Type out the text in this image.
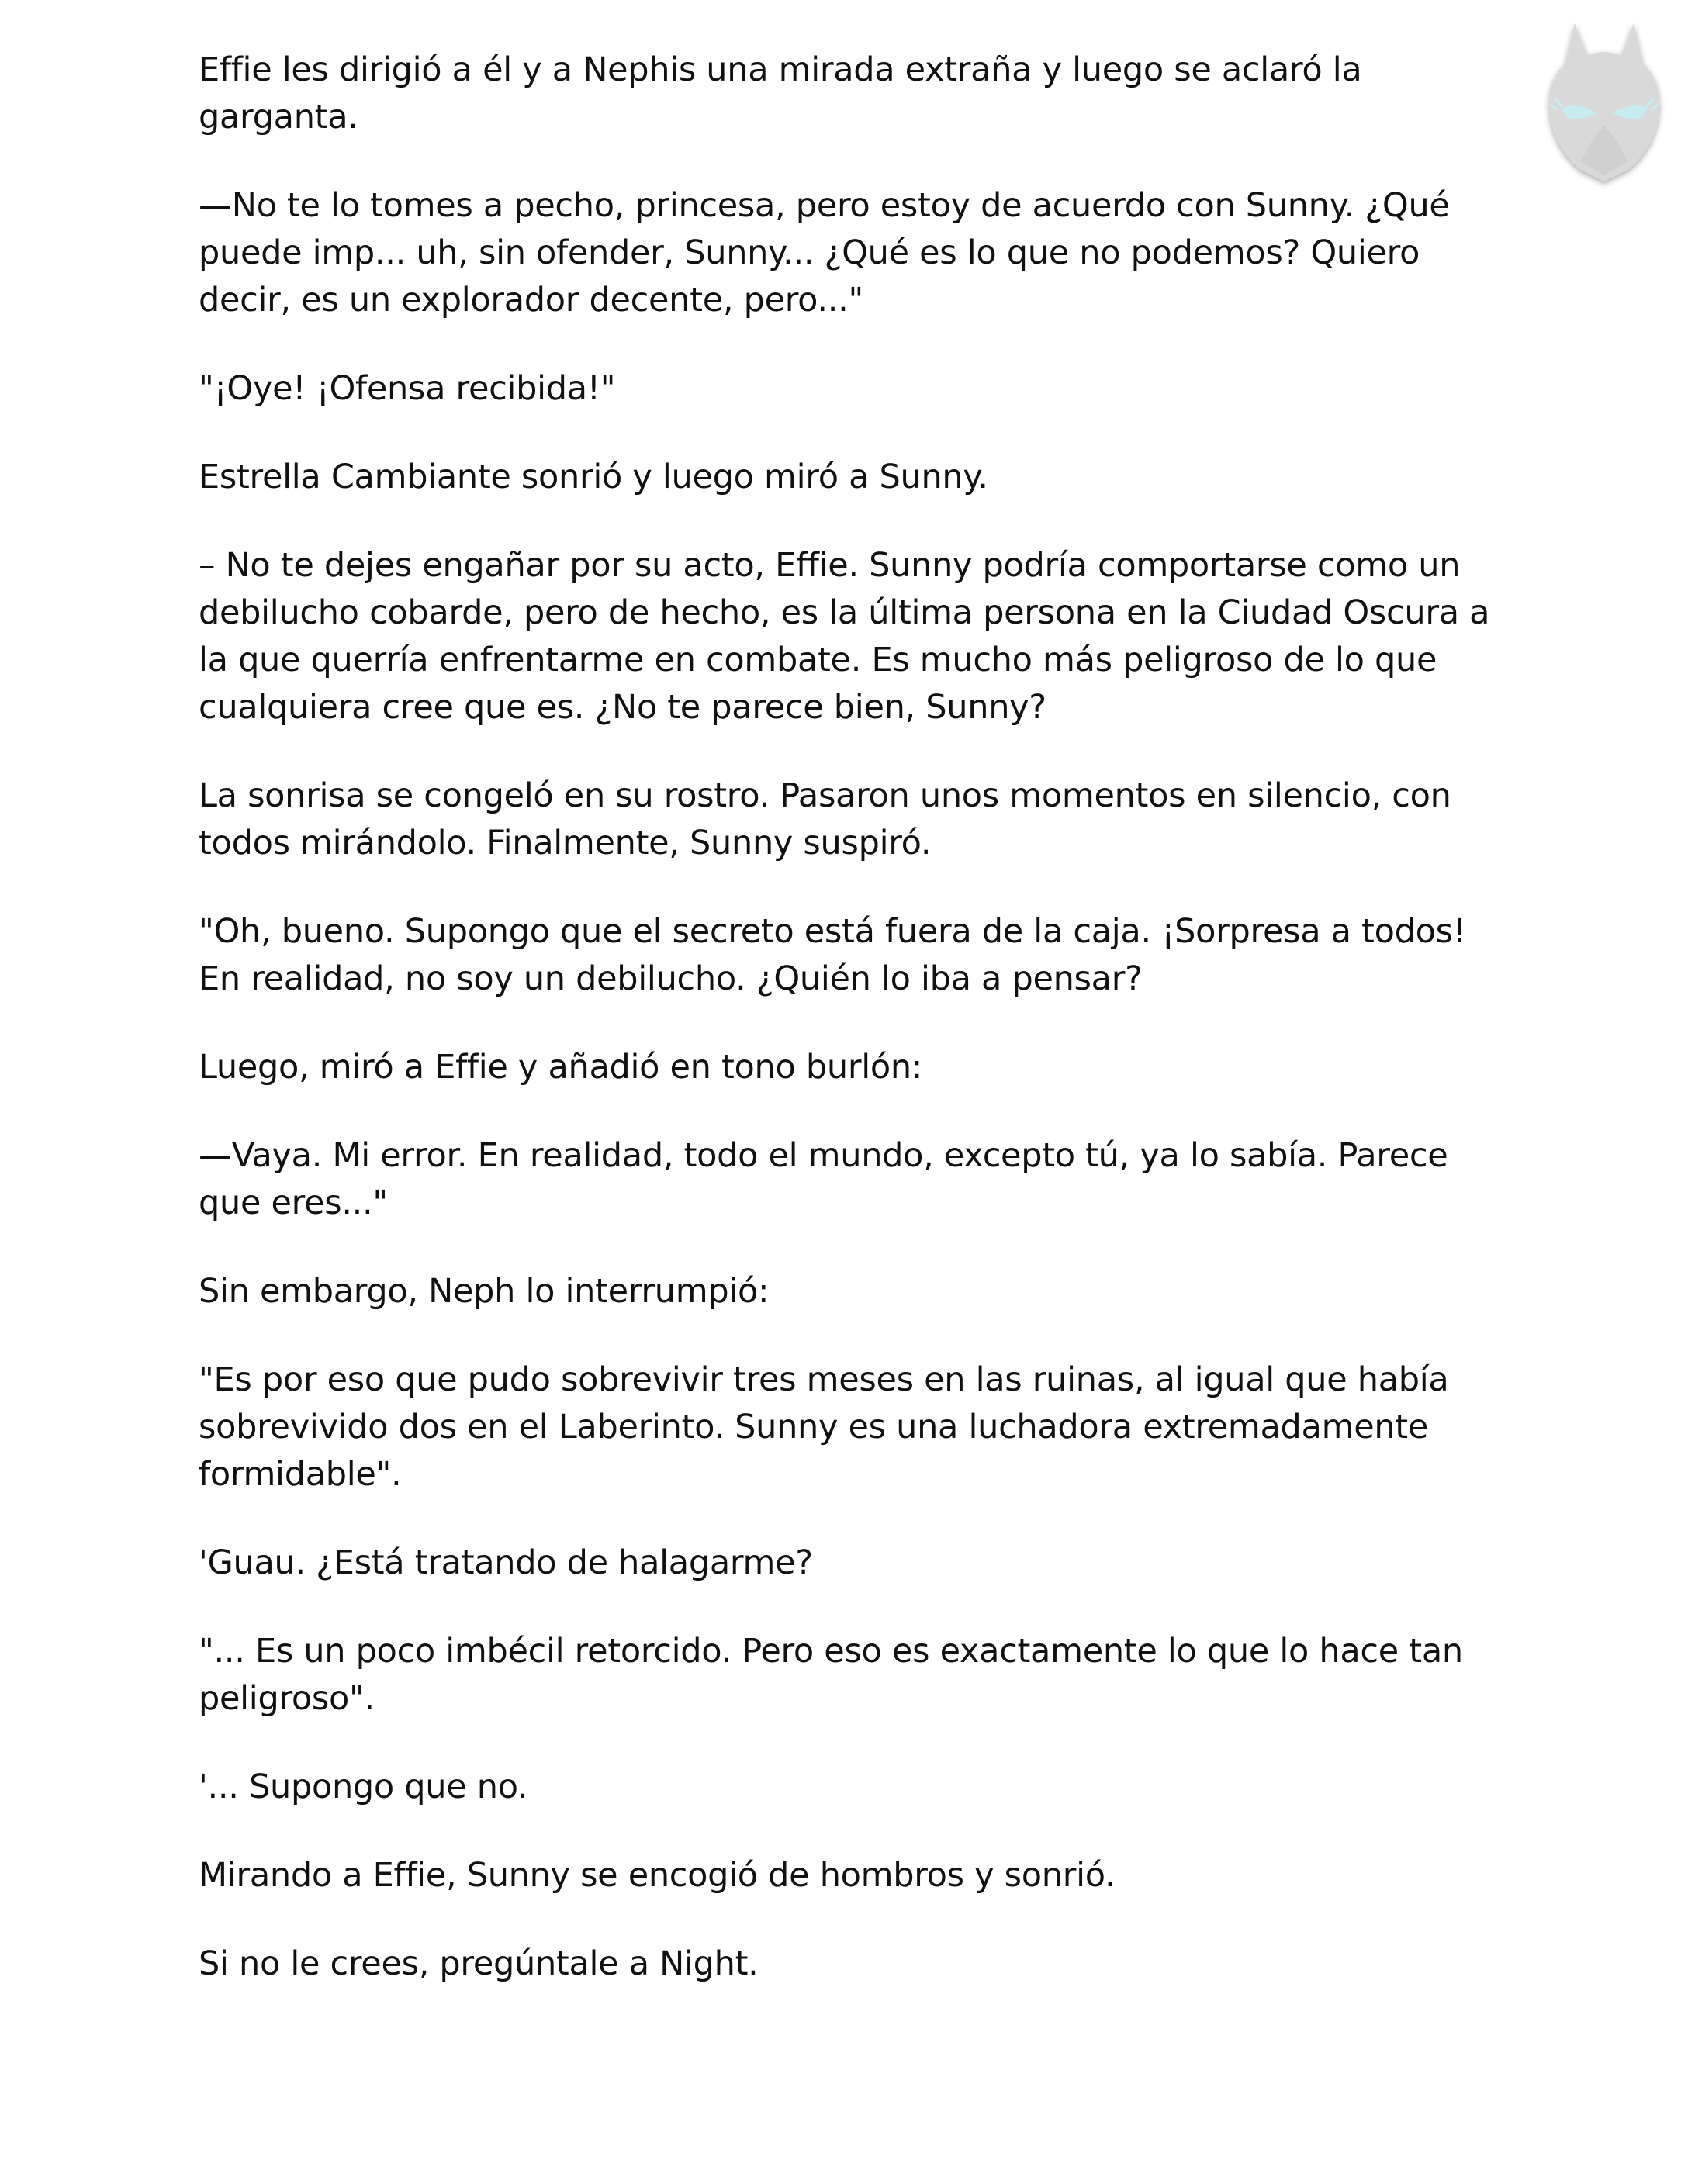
Effie les dirigió a él y a Nephis una mirada extraña y luego se aclaró la garganta.

—No te lo tomes a pecho, princesa, pero estoy de acuerdo con Sunny. ¿Qué puede imp... uh, sin ofender, Sunny... ¿Qué es lo que no podemos? Quiero decir, es un explorador decente, pero..."

"¡Oye! ¡Ofensa recibida!"

Estrella Cambiante sonrió y luego miró a Sunny.

– No te dejes engañar por su acto, Effie. Sunny podría comportarse como un debilucho cobarde, pero de hecho, es la última persona en la Ciudad Oscura a la que querría enfrentarme en combate. Es mucho más peligroso de lo que cualquiera cree que es. ¿No te parece bien, Sunny?

La sonrisa se congeló en su rostro. Pasaron unos momentos en silencio, con todos mirándolo. Finalmente, Sunny suspiró.

"Oh, bueno. Supongo que el secreto está fuera de la caja. ¡Sorpresa a todos! En realidad, no soy un debilucho. ¿Quién lo iba a pensar?

Luego, miró a Effie y añadió en tono burlón:

—Vaya. Mi error. En realidad, todo el mundo, excepto tú, ya lo sabía. Parece que eres..."

Sin embargo, Neph lo interrumpió:

"Es por eso que pudo sobrevivir tres meses en las ruinas, al igual que había sobrevivido dos en el Laberinto. Sunny es una luchadora extremadamente formidable".

'Guau. ¿Está tratando de halagarme?

"... Es un poco imbécil retorcido. Pero eso es exactamente lo que lo hace tan peligroso".

'... Supongo que no.

Mirando a Effie, Sunny se encogió de hombros y sonrió.

Si no le crees, pregúntale a Night.
